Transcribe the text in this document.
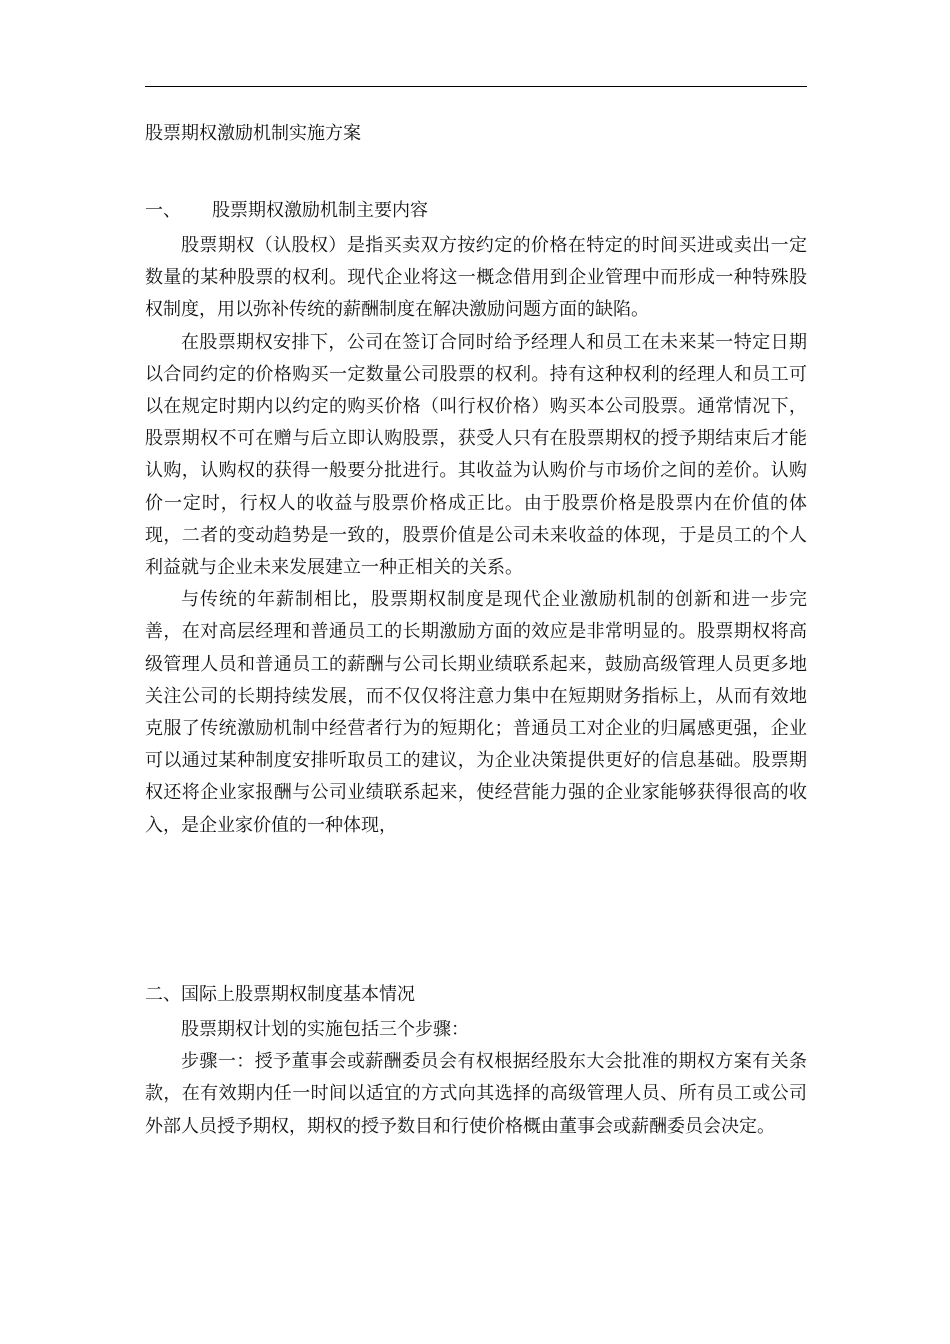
股票期权激励机制实施方案
一、 股票期权激励机制主要内容

股票期权（认股权）是指买卖双方按约定的价格在特定的时间买进或卖出一定数量的某种股票的权利。现代企业将这一概念借用到企业管理中而形成一种特殊股权制度，用以弥补传统的薪酬制度在解决激励问题方面的缺陷。

在股票期权安排下，公司在签订合同时给予经理人和员工在未来某一特定日期以合同约定的价格购买一定数量公司股票的权利。持有这种权利的经理人和员工可以在规定时期内以约定的购买价格（叫行权价格）购买本公司股票。通常情况下，股票期权不可在赠与后立即认购股票，获受人只有在股票期权的授予期结束后才能认购，认购权的获得一般要分批进行。其收益为认购价与市场价之间的差价。认购价一定时，行权人的收益与股票价格成正比。由于股票价格是股票内在价值的体现，二者的变动趋势是一致的，股票价值是公司未来收益的体现，于是员工的个人利益就与企业未来发展建立一种正相关的关系。

与传统的年薪制相比，股票期权制度是现代企业激励机制的创新和进一步完善，在对高层经理和普通员工的长期激励方面的效应是非常明显的。股票期权将高级管理人员和普通员工的薪酬与公司长期业绩联系起来，鼓励高级管理人员更多地关注公司的长期持续发展，而不仅仅将注意力集中在短期财务指标上，从而有效地克服了传统激励机制中经营者行为的短期化；普通员工对企业的归属感更强，企业可以通过某种制度安排听取员工的建议，为企业决策提供更好的信息基础。股票期权还将企业家报酬与公司业绩联系起来，使经营能力强的企业家能够获得很高的收入，是企业家价值的一种体现，

二、国际上股票期权制度基本情况

股票期权计划的实施包括三个步骤：

步骤一：授予董事会或薪酬委员会有权根据经股东大会批准的期权方案有关条款，在有效期内任一时间以适宜的方式向其选择的高级管理人员、所有员工或公司外部人员授予期权，期权的授予数目和行使价格概由董事会或薪酬委员会决定。
